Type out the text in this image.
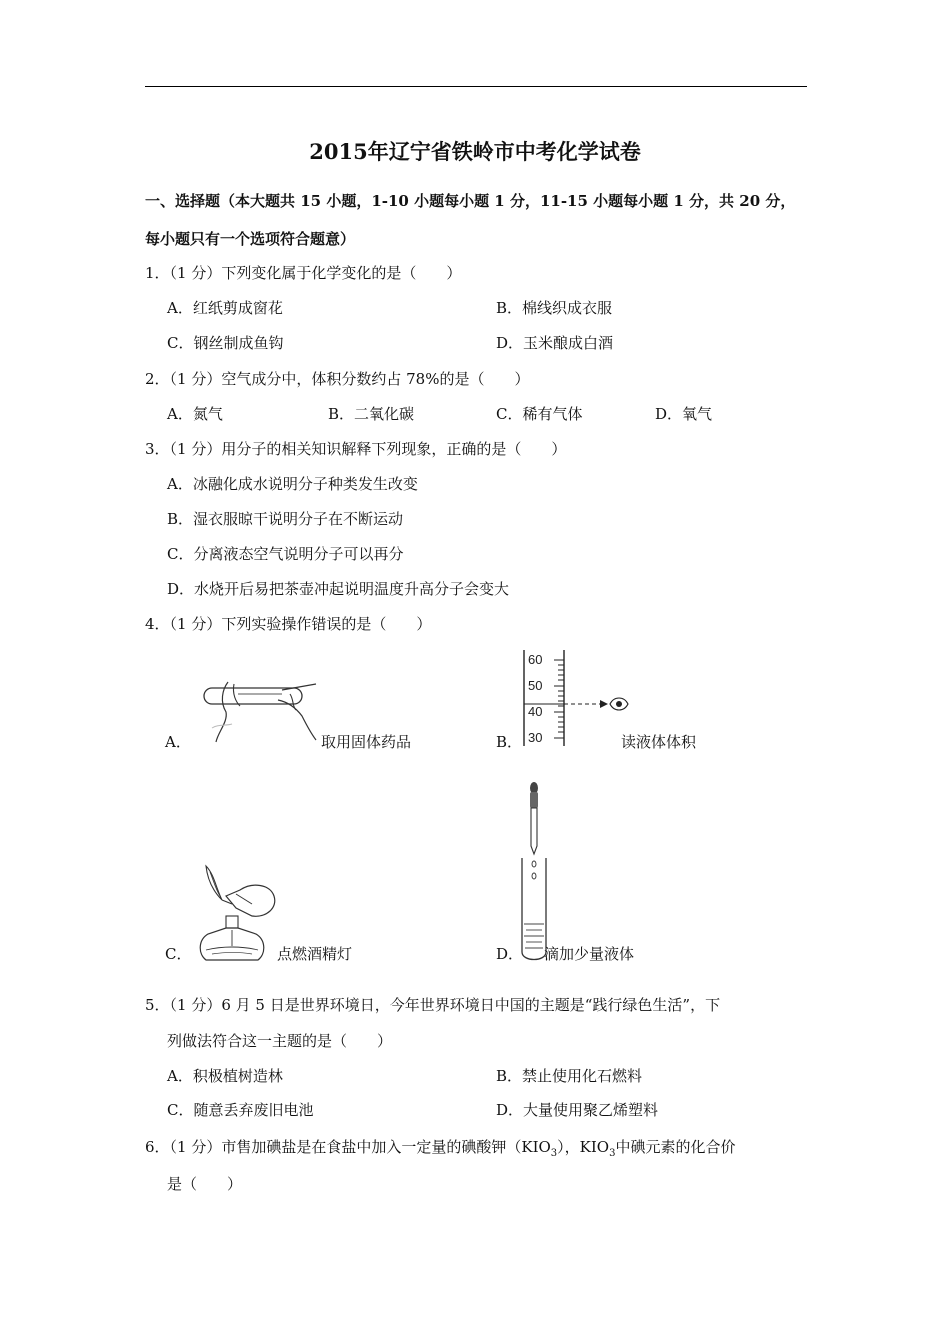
2015年辽宁省铁岭市中考化学试卷
一、选择题（本大题共 15 小题，1-10 小题每小题 1 分，11-15 小题每小题 1 分，共 20 分，
每小题只有一个选项符合题意）
1．（1 分）下列变化属于化学变化的是（　　）
A．红纸剪成窗花	B．棉线织成衣服
C．钢丝制成鱼钩	D．玉米酿成白酒
2．（1 分）空气成分中，体积分数约占 78%的是（　　）
A．氮气	B．二氧化碳	C．稀有气体	D．氧气
3．（1 分）用分子的相关知识解释下列现象，正确的是（　　）
A．冰融化成水说明分子种类发生改变
B．湿衣服晾干说明分子在不断运动
C．分离液态空气说明分子可以再分
D．水烧开后易把茶壶冲起说明温度升高分子会变大
4．（1 分）下列实验操作错误的是（　　）
A．	取用固体药品
60
50
40
30
B．	读液体体积
C．	点燃酒精灯	D． 滴加少量液体
5．（1 分）6 月 5 日是世界环境日，今年世界环境日中国的主题是“践行绿色生活”，下
列做法符合这一主题的是（　　）
A．积极植树造林	B．禁止使用化石燃料
C．随意丢弃废旧电池	D．大量使用聚乙烯塑料
6．（1 分）市售加碘盐是在食盐中加入一定量的碘酸钾$(KIO_3)$，$KIO_3$中碘元素的化合价
是（　　）
